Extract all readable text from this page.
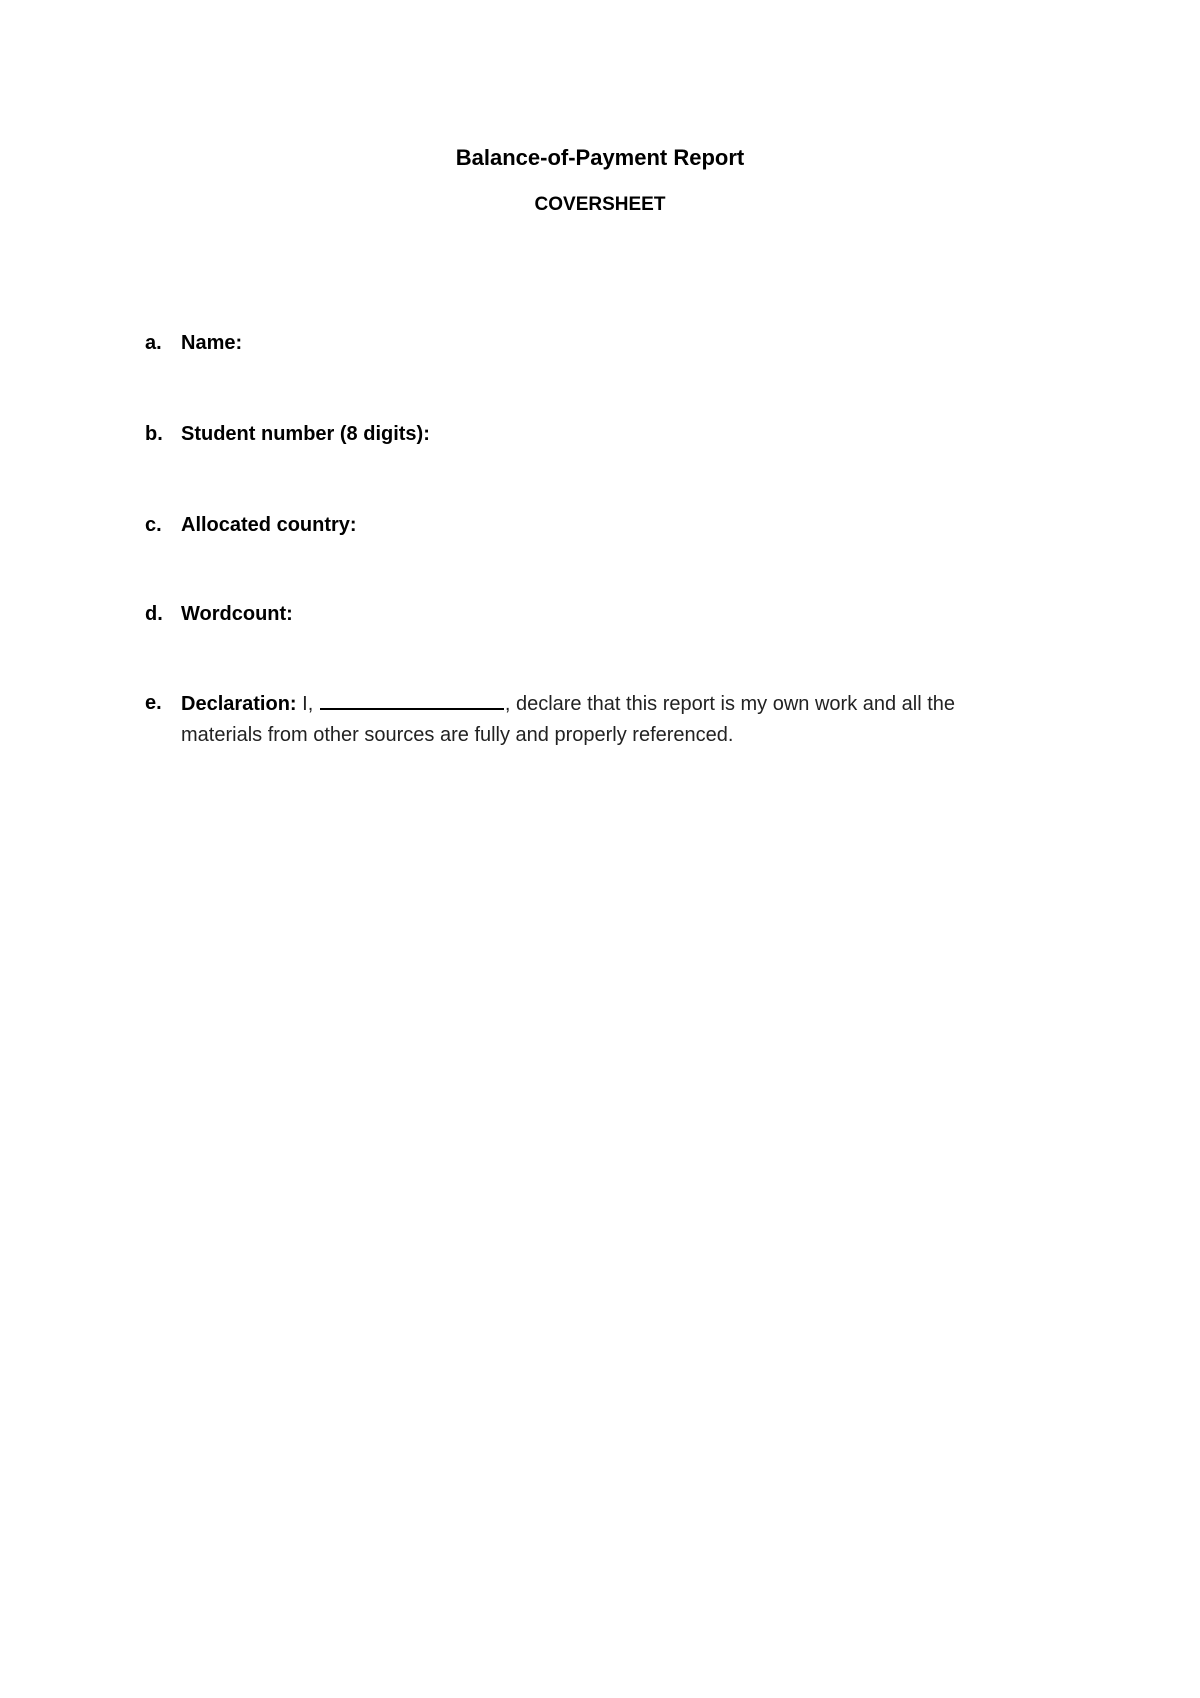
Balance-of-Payment Report
COVERSHEET
a. Name:
b. Student number (8 digits):
c. Allocated country:
d. Wordcount:
e. Declaration: I,	, declare that this report is my own work and all the materials from other sources are fully and properly referenced.
